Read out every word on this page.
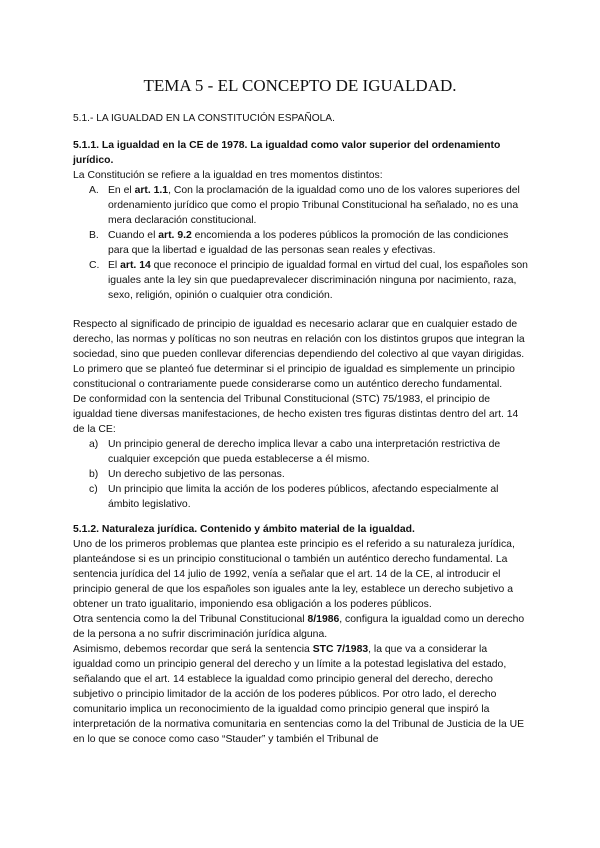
TEMA 5 - EL CONCEPTO DE IGUALDAD.
5.1.- LA IGUALDAD EN LA CONSTITUCIÓN ESPAÑOLA.

5.1.1. La igualdad en la CE de 1978. La igualdad como valor superior del ordenamiento jurídico.

La Constitución se refiere a la igualdad en tres momentos distintos:

A. En el art. 1.1, Con la proclamación de la igualdad como uno de los valores superiores del ordenamiento jurídico que como el propio Tribunal Constitucional ha señalado, no es una mera declaración constitucional.
B. Cuando el art. 9.2 encomienda a los poderes públicos la promoción de las condiciones para que la libertad e igualdad de las personas sean reales y efectivas.
C. El art. 14 que reconoce el principio de igualdad formal en virtud del cual, los españoles son iguales ante la ley sin que puedaprevalecer discriminación ninguna por nacimiento, raza, sexo, religión, opinión o cualquier otra condición.

Respecto al significado de principio de igualdad es necesario aclarar que en cualquier estado de derecho, las normas y políticas no son neutras en relación con los distintos grupos que integran la sociedad, sino que pueden conllevar diferencias dependiendo del colectivo al que vayan dirigidas. Lo primero que se planteó fue determinar si el principio de igualdad es simplemente un principio constitucional o contrariamente puede considerarse como un auténtico derecho fundamental.

De conformidad con la sentencia del Tribunal Constitucional (STC) 75/1983, el principio de igualdad tiene diversas manifestaciones, de hecho existen tres figuras distintas dentro del art. 14 de la CE:

a) Un principio general de derecho implica llevar a cabo una interpretación restrictiva de cualquier excepción que pueda establecerse a él mismo.
b) Un derecho subjetivo de las personas.
c) Un principio que limita la acción de los poderes públicos, afectando especialmente al ámbito legislativo.

5.1.2. Naturaleza jurídica. Contenido y ámbito material de la igualdad.

Uno de los primeros problemas que plantea este principio es el referido a su naturaleza jurídica, planteándose si es un principio constitucional o también un auténtico derecho fundamental. La sentencia jurídica del 14 julio de 1992, venía a señalar que el art. 14 de la CE, al introducir el principio general de que los españoles son iguales ante la ley, establece un derecho subjetivo a obtener un trato igualitario, imponiendo esa obligación a los poderes públicos.

Otra sentencia como la del Tribunal Constitucional 8/1986, configura la igualdad como un derecho de la persona a no sufrir discriminación jurídica alguna.

Asimismo, debemos recordar que será la sentencia STC 7/1983, la que va a considerar la igualdad como un principio general del derecho y un límite a la potestad legislativa del estado, señalando que el art. 14 establece la igualdad como principio general del derecho, derecho subjetivo o principio limitador de la acción de los poderes públicos. Por otro lado, el derecho comunitario implica un reconocimiento de la igualdad como principio general que inspiró la interpretación de la normativa comunitaria en sentencias como la del Tribunal de Justicia de la UE en lo que se conoce como caso “Stauder” y también el Tribunal de
